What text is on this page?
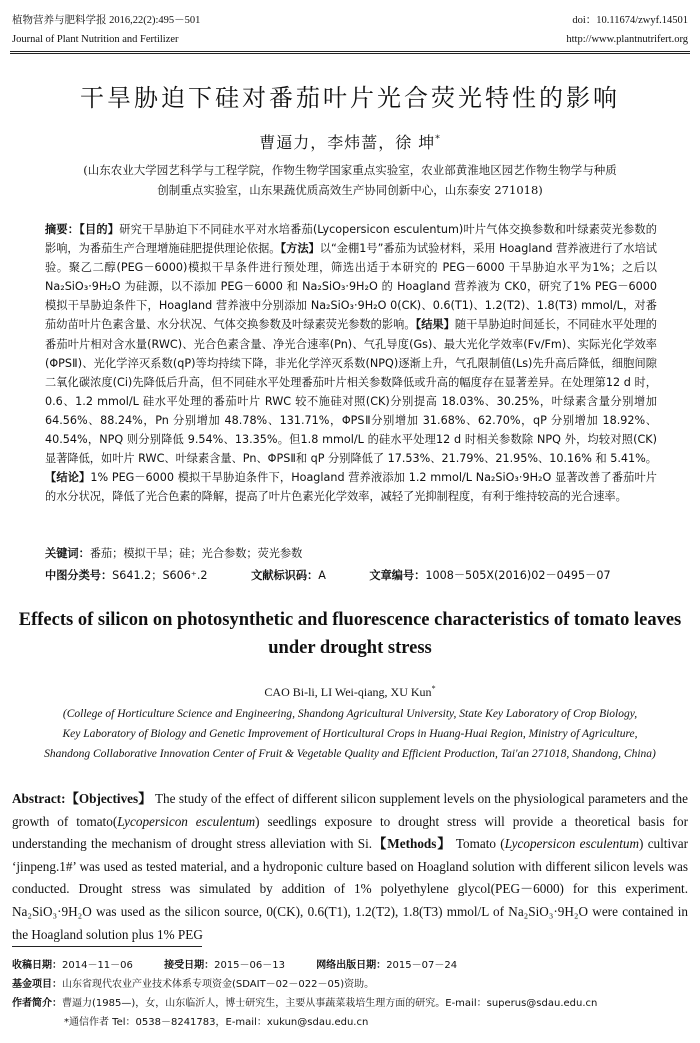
植物营养与肥料学报 2016,22(2):495－501
Journal of Plant Nutrition and Fertilizer
doi：10.11674/zwyf.14501
http://www.plantnutrifert.org
干旱胁迫下硅对番茄叶片光合荧光特性的影响
曹逼力，李炜蔷，徐 坤*
(山东农业大学园艺科学与工程学院，作物生物学国家重点实验室，农业部黄淮地区园艺作物生物学与种质
创制重点实验室，山东果蔬优质高效生产协同创新中心，山东泰安 271018)
摘要：【目的】研究干旱胁迫下不同硅水平对水培番茄(Lycopersicon esculentum)叶片气体交换参数和叶绿素荧光参数的影响，为番茄生产合理增施硅肥提供理论依据。【方法】以“金棚1号”番茄为试验材料，采用 Hoagland 营养液进行了水培试验。聚乙二醇(PEG－6000)模拟干旱条件进行预处理，筛选出适于本研究的 PEG－6000 干旱胁迫水平为1%；之后以 Na₂SiO₃·9H₂O 为硅源，以不添加 PEG－6000 和 Na₂SiO₃·9H₂O 的 Hoagland 营养液为 CK0，研究了1% PEG－6000 模拟干旱胁迫条件下，Hoagland 营养液中分别添加 Na₂SiO₃·9H₂O 0(CK)、0.6(T1)、1.2(T2)、1.8(T3) mmol/L，对番茄幼苗叶片色素含量、水分状况、气体交换参数及叶绿素荧光参数的影响。【结果】随干旱胁迫时间延长，不同硅水平处理的番茄叶片相对含水量(RWC)、光合色素含量、净光合速率(Pn)、气孔导度(Gs)、最大光化学效率(Fv/Fm)、实际光化学效率(ΦPSⅡ)、光化学淬灭系数(qP)等均持续下降，非光化学淬灭系数(NPQ)逐渐上升，气孔限制值(Ls)先升高后降低，细胞间隙二氧化碳浓度(Ci)先降低后升高，但不同硅水平处理番茄叶片相关参数降低或升高的幅度存在显著差异。在处理第12 d 时，0.6、1.2 mmol/L 硅水平处理的番茄叶片 RWC 较不施硅对照(CK)分别提高 18.03%、30.25%，叶绿素含量分别增加 64.56%、88.24%，Pn 分别增加 48.78%、131.71%，ΦPSⅡ分别增加 31.68%、62.70%，qP 分别增加 18.92%、40.54%，NPQ 则分别降低 9.54%、13.35%。但1.8 mmol/L 的硅水平处理12 d 时相关参数除 NPQ 外，均较对照(CK)显著降低，如叶片 RWC、叶绿素含量、Pn、ΦPSⅡ和 qP 分别降低了 17.53%、21.79%、21.95%、10.16% 和 5.41%。【结论】1% PEG－6000 模拟干旱胁迫条件下，Hoagland 营养液添加 1.2 mmol/L Na₂SiO₃·9H₂O 显著改善了番茄叶片的水分状况，降低了光合色素的降解，提高了叶片色素光化学效率，减轻了光抑制程度，有利于维持较高的光合速率。
关键词：番茄；模拟干旱；硅；光合参数；荧光参数
中图分类号：S641.2；S606⁺.2	文献标识码：A	文章编号：1008－505X(2016)02－0495－07
Effects of silicon on photosynthetic and fluorescence characteristics of tomato leaves under drought stress
CAO Bi-li, LI Wei-qiang, XU Kun*
(College of Horticulture Science and Engineering, Shandong Agricultural University, State Key Laboratory of Crop Biology,
Key Laboratory of Biology and Genetic Improvement of Horticultural Crops in Huang-Huai Region, Ministry of Agriculture,
Shandong Collaborative Innovation Center of Fruit & Vegetable Quality and Efficient Production, Tai'an 271018, Shandong, China)
Abstract:【Objectives】 The study of the effect of different silicon supplement levels on the physiological parameters and the growth of tomato(Lycopersicon esculentum) seedlings exposure to drought stress will provide a theoretical basis for understanding the mechanism of drought stress alleviation with Si.【Methods】 Tomato (Lycopersicon esculentum) cultivar ‘jinpeng.1#’ was used as tested material, and a hydroponic culture based on Hoagland solution with different silicon levels was conducted. Drought stress was simulated by addition of 1% polyethylene glycol(PEG－6000) for this experiment. Na₂SiO₃·9H₂O was used as the silicon source, 0(CK), 0.6(T1), 1.2(T2), 1.8(T3) mmol/L of Na₂SiO₃·9H₂O were contained in the Hoagland solution plus 1% PEG
收稿日期：2014－11－06	接受日期：2015－06－13	网络出版日期：2015－07－24
基金项目：山东省现代农业产业技术体系专项资金(SDAIT－02－022－05)资助。
作者简介：曹逼力(1985—)，女，山东临沂人，博士研究生，主要从事蔬菜栽培生理方面的研究。E-mail：superus@sdau.edu.cn
*通信作者 Tel：0538－8241783，E-mail：xukun@sdau.edu.cn
